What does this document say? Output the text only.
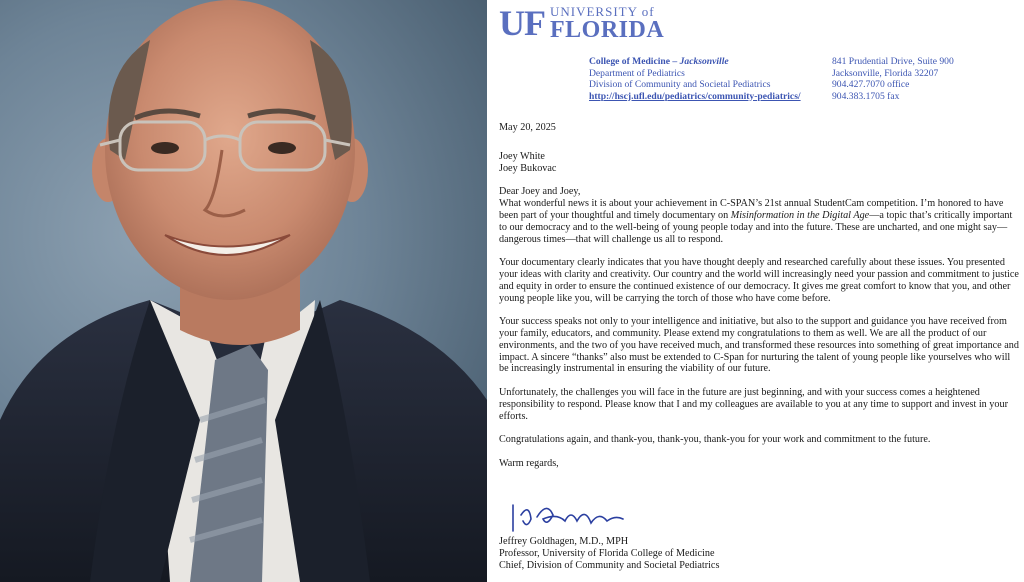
UF UNIVERSITY of
FLORIDA
College of Medicine – Jacksonville
Department of Pediatrics
Division of Community and Societal Pediatrics
http://hscj.ufl.edu/pediatrics/community-pediatrics/
841 Prudential Drive, Suite 900
Jacksonville, Florida 32207
904.427.7070 office
904.383.1705 fax

May 20, 2025

Joey White
Joey Bukovac

Dear Joey and Joey,
What wonderful news it is about your achievement in C-SPAN’s 21st annual StudentCam competition. I’m honored to have been part of your thoughtful and timely documentary on Misinformation in the Digital Age—a topic that’s critically important to our democracy and to the well-being of young people today and into the future. These are uncharted, and one might say—dangerous times—that will challenge us all to respond.

Your documentary clearly indicates that you have thought deeply and researched carefully about these issues. You presented your ideas with clarity and creativity. Our country and the world will increasingly need your passion and commitment to justice and equity in order to ensure the continued existence of our democracy. It gives me great comfort to know that you, and other young people like you, will be carrying the torch of those who have come before.

Your success speaks not only to your intelligence and initiative, but also to the support and guidance you have received from your family, educators, and community. Please extend my congratulations to them as well. We are all the product of our environments, and the two of you have received much, and transformed these resources into something of great importance and impact. A sincere “thanks” also must be extended to C-Span for nurturing the talent of young people like yourselves who will be increasingly instrumental in ensuring the viability of our future.

Unfortunately, the challenges you will face in the future are just beginning, and with your success comes a heightened responsibility to respond. Please know that I and my colleagues are available to you at any time to support and invest in your efforts.

Congratulations again, and thank-you, thank-you, thank-you for your work and commitment to the future.

Warm regards,

Jeffrey Goldhagen, M.D., MPH
Professor, University of Florida College of Medicine
Chief, Division of Community and Societal Pediatrics
